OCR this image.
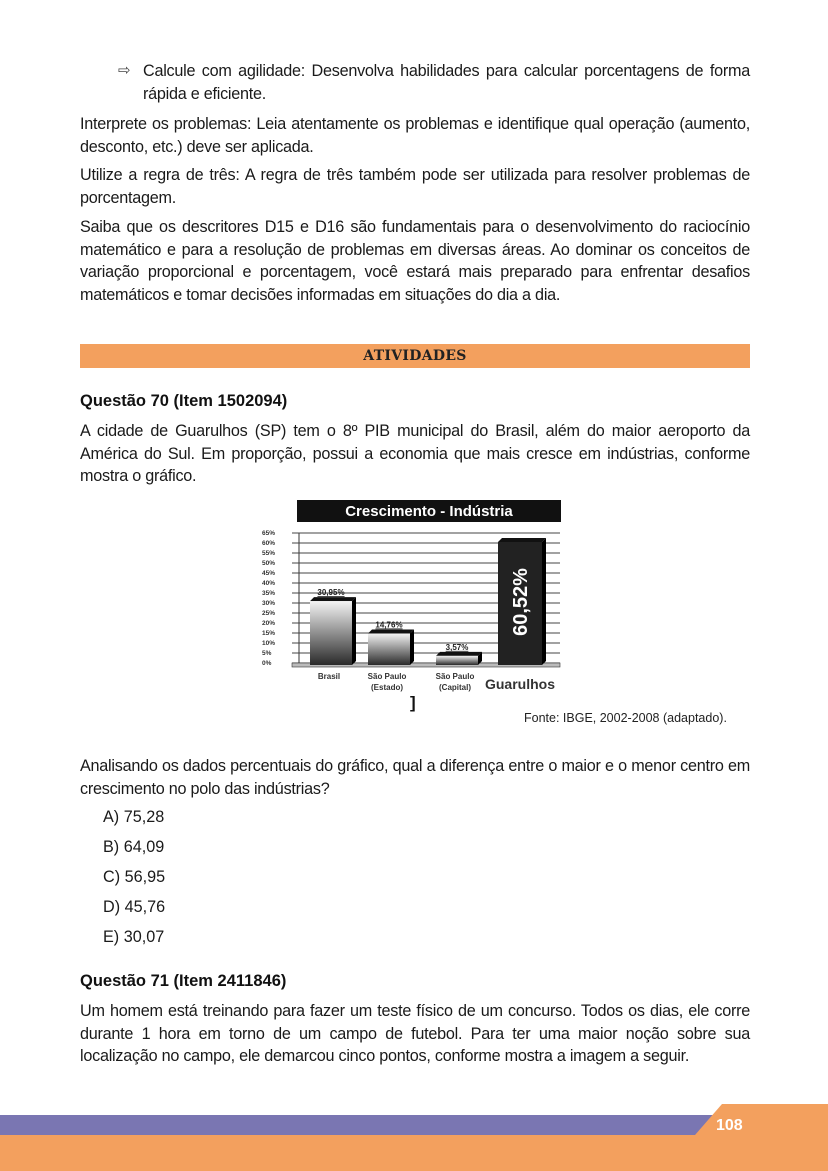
⇨ Calcule com agilidade: Desenvolva habilidades para calcular porcentagens de forma rápida e eficiente.
Interprete os problemas: Leia atentamente os problemas e identifique qual operação (aumento, desconto, etc.) deve ser aplicada.
Utilize a regra de três: A regra de três também pode ser utilizada para resolver problemas de porcentagem.
Saiba que os descritores D15 e D16 são fundamentais para o desenvolvimento do raciocínio matemático e para a resolução de problemas em diversas áreas. Ao dominar os conceitos de variação proporcional e porcentagem, você estará mais preparado para enfrentar desafios matemáticos e tomar decisões informadas em situações do dia a dia.
ATIVIDADES
Questão 70 (Item 1502094)
A cidade de Guarulhos (SP) tem o 8º PIB municipal do Brasil, além do maior aeroporto da América do Sul. Em proporção, possui a economia que mais cresce em indústrias, conforme mostra o gráfico.
Crescimento - Indústria
0%
5%
10%
15%
20%
25%
30%
35%
40%
45%
50%
55%
60%
65%
30,95%
14,76%
3,57%
60,52%
Brasil	São Paulo
(Estado)
São Paulo
(Capital) Guarulhos
]
Fonte: IBGE, 2002-2008 (adaptado).
Analisando os dados percentuais do gráfico, qual a diferença entre o maior e o menor centro em crescimento no polo das indústrias?
A) 75,28
B) 64,09
C) 56,95
D) 45,76
E) 30,07
Questão 71 (Item 2411846)
Um homem está treinando para fazer um teste físico de um concurso. Todos os dias, ele corre durante 1 hora em torno de um campo de futebol. Para ter uma maior noção sobre sua localização no campo, ele demarcou cinco pontos, conforme mostra a imagem a seguir.
108
